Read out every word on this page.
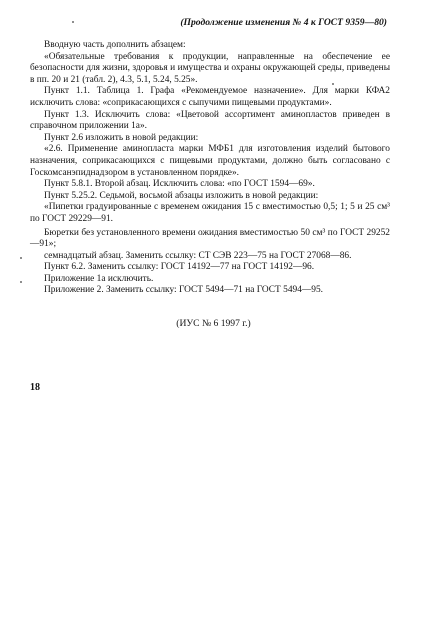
(Продолжение изменения № 4 к ГОСТ 9359—80)

Вводную часть дополнить абзацем:

«Обязательные требования к продукции, направленные на обеспечение ее безопасности для жизни, здоровья и имущества и охраны окружающей среды, приведены в пп. 20 и 21 (табл. 2), 4.3, 5.1, 5.24, 5.25».

Пункт 1.1. Таблица 1. Графа «Рекомендуемое назначение». Для марки КФА2 исключить слова: «соприкасающихся с сыпучими пищевыми продуктами».

Пункт 1.3. Исключить слова: «Цветовой ассортимент аминопластов приведен в справочном приложении 1а».

Пункт 2.6 изложить в новой редакции:

«2.6. Применение аминопласта марки МФБ1 для изготовления изделий бытового назначения, соприкасающихся с пищевыми продуктами, должно быть согласовано с Госкомсанэпиднадзором в установленном порядке».

Пункт 5.8.1. Второй абзац. Исключить слова: «по ГОСТ 1594—69».

Пункт 5.25.2. Седьмой, восьмой абзацы изложить в новой редакции:

«Пипетки градуированные с временем ожидания 15 с вместимостью 0,5; 1; 5 и 25 см³ по ГОСТ 29229—91.

Бюретки без установленного времени ожидания вместимостью 50 см³ по ГОСТ 29252—91»;

семнадцатый абзац. Заменить ссылку: СТ СЭВ 223—75 на ГОСТ 27068—86.

Пункт 6.2. Заменить ссылку: ГОСТ 14192—77 на ГОСТ 14192—96.

Приложение 1а исключить.

Приложение 2. Заменить ссылку: ГОСТ 5494—71 на ГОСТ 5494—95.

(ИУС № 6 1997 г.)
18
